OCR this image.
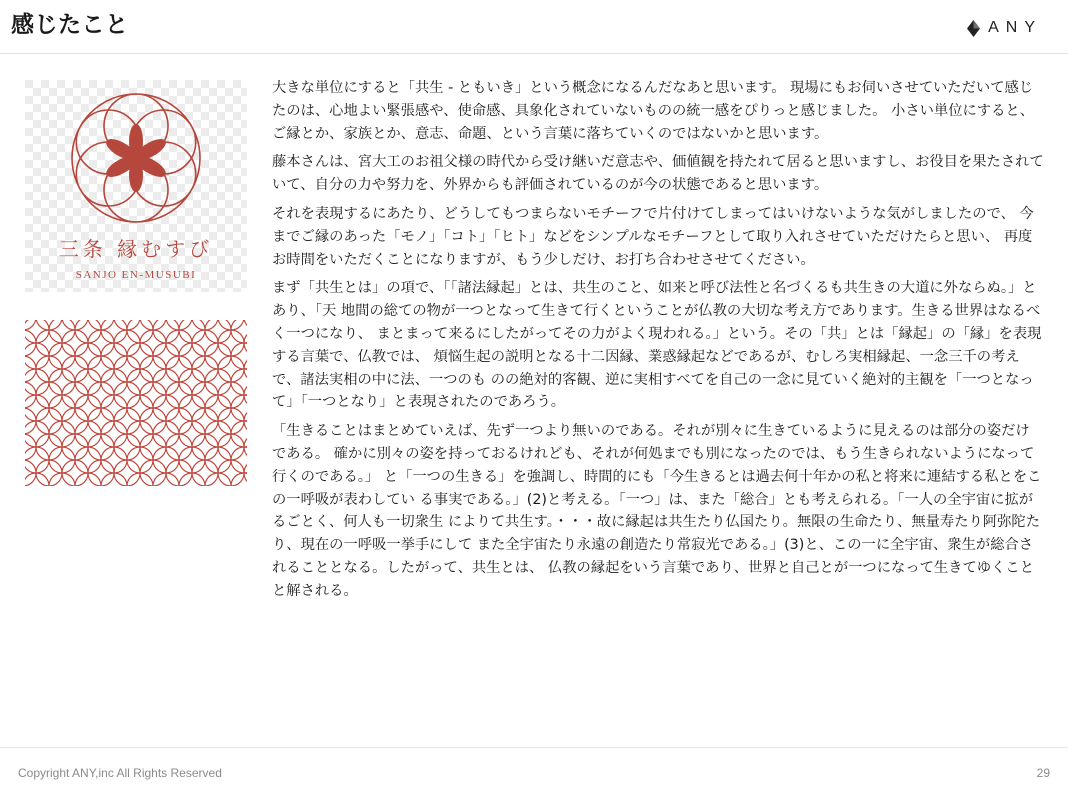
感じたこと	ANY
三条 縁むすび
SANJO EN-MUSUBI

大きな単位にすると「共生 - ともいき」という概念になるんだなあと思います。 現場にもお伺いさせていただいて感じたのは、心地よい緊張感や、使命感、具象化されていないものの統一感をぴりっと感じました。 小さい単位にすると、ご縁とか、家族とか、意志、命題、という言葉に落ちていくのではないかと思います。

藤本さんは、宮大工のお祖父様の時代から受け継いだ意志や、価値観を持たれて居ると思いますし、お役目を果たされていて、自分の力や努力を、外界からも評価されているのが今の状態であると思います。

それを表現するにあたり、どうしてもつまらないモチーフで片付けてしまってはいけないような気がしましたので、 今までご縁のあった「モノ」「コト」「ヒト」などをシンプルなモチーフとして取り入れさせていただけたらと思い、 再度お時間をいただくことになりますが、もう少しだけ、お打ち合わせさせてください。

まず「共生とは」の項で、「「諸法縁起」とは、共生のこと、如来と呼び法性と名づくるも共生きの大道に外ならぬ。」とあり、「天 地間の総ての物が一つとなって生きて行くということが仏教の大切な考え方であります。生きる世界はなるべく一つになり、 まとまって来るにしたがってその力がよく現われる。」という。その「共」とは「縁起」の「縁」を表現する言葉で、仏教では、 煩悩生起の説明となる十二因縁、業惑縁起などであるが、むしろ実相縁起、一念三千の考えで、諸法実相の中に法、一つのも のの絶対的客観、逆に実相すべてを自己の一念に見ていく絶対的主観を「一つとなって」「一つとなり」と表現されたのであろう。

「生きることはまとめていえば、先ず一つより無いのである。それが別々に生きているように見えるのは部分の姿だけである。 確かに別々の姿を持っておるけれども、それが何処までも別になったのでは、もう生きられないようになって行くのである。」 と「一つの生きる」を強調し、時間的にも「今生きるとは過去何十年かの私と将来に連結する私とをこの一呼吸が表わしてい る事実である。」(2)と考える。「一つ」は、また「総合」とも考えられる。「一人の全宇宙に拡がるごとく、何人も一切衆生 によりて共生す。・・・故に縁起は共生たり仏国たり。無限の生命たり、無量寿たり阿弥陀たり、現在の一呼吸一挙手にして また全宇宙たり永遠の創造たり常寂光である。」(3)と、この一に全宇宙、衆生が総合されることとなる。したがって、共生とは、 仏教の縁起をいう言葉であり、世界と自己とが一つになって生きてゆくことと解される。

Copyright ANY,inc All Rights Reserved	29
